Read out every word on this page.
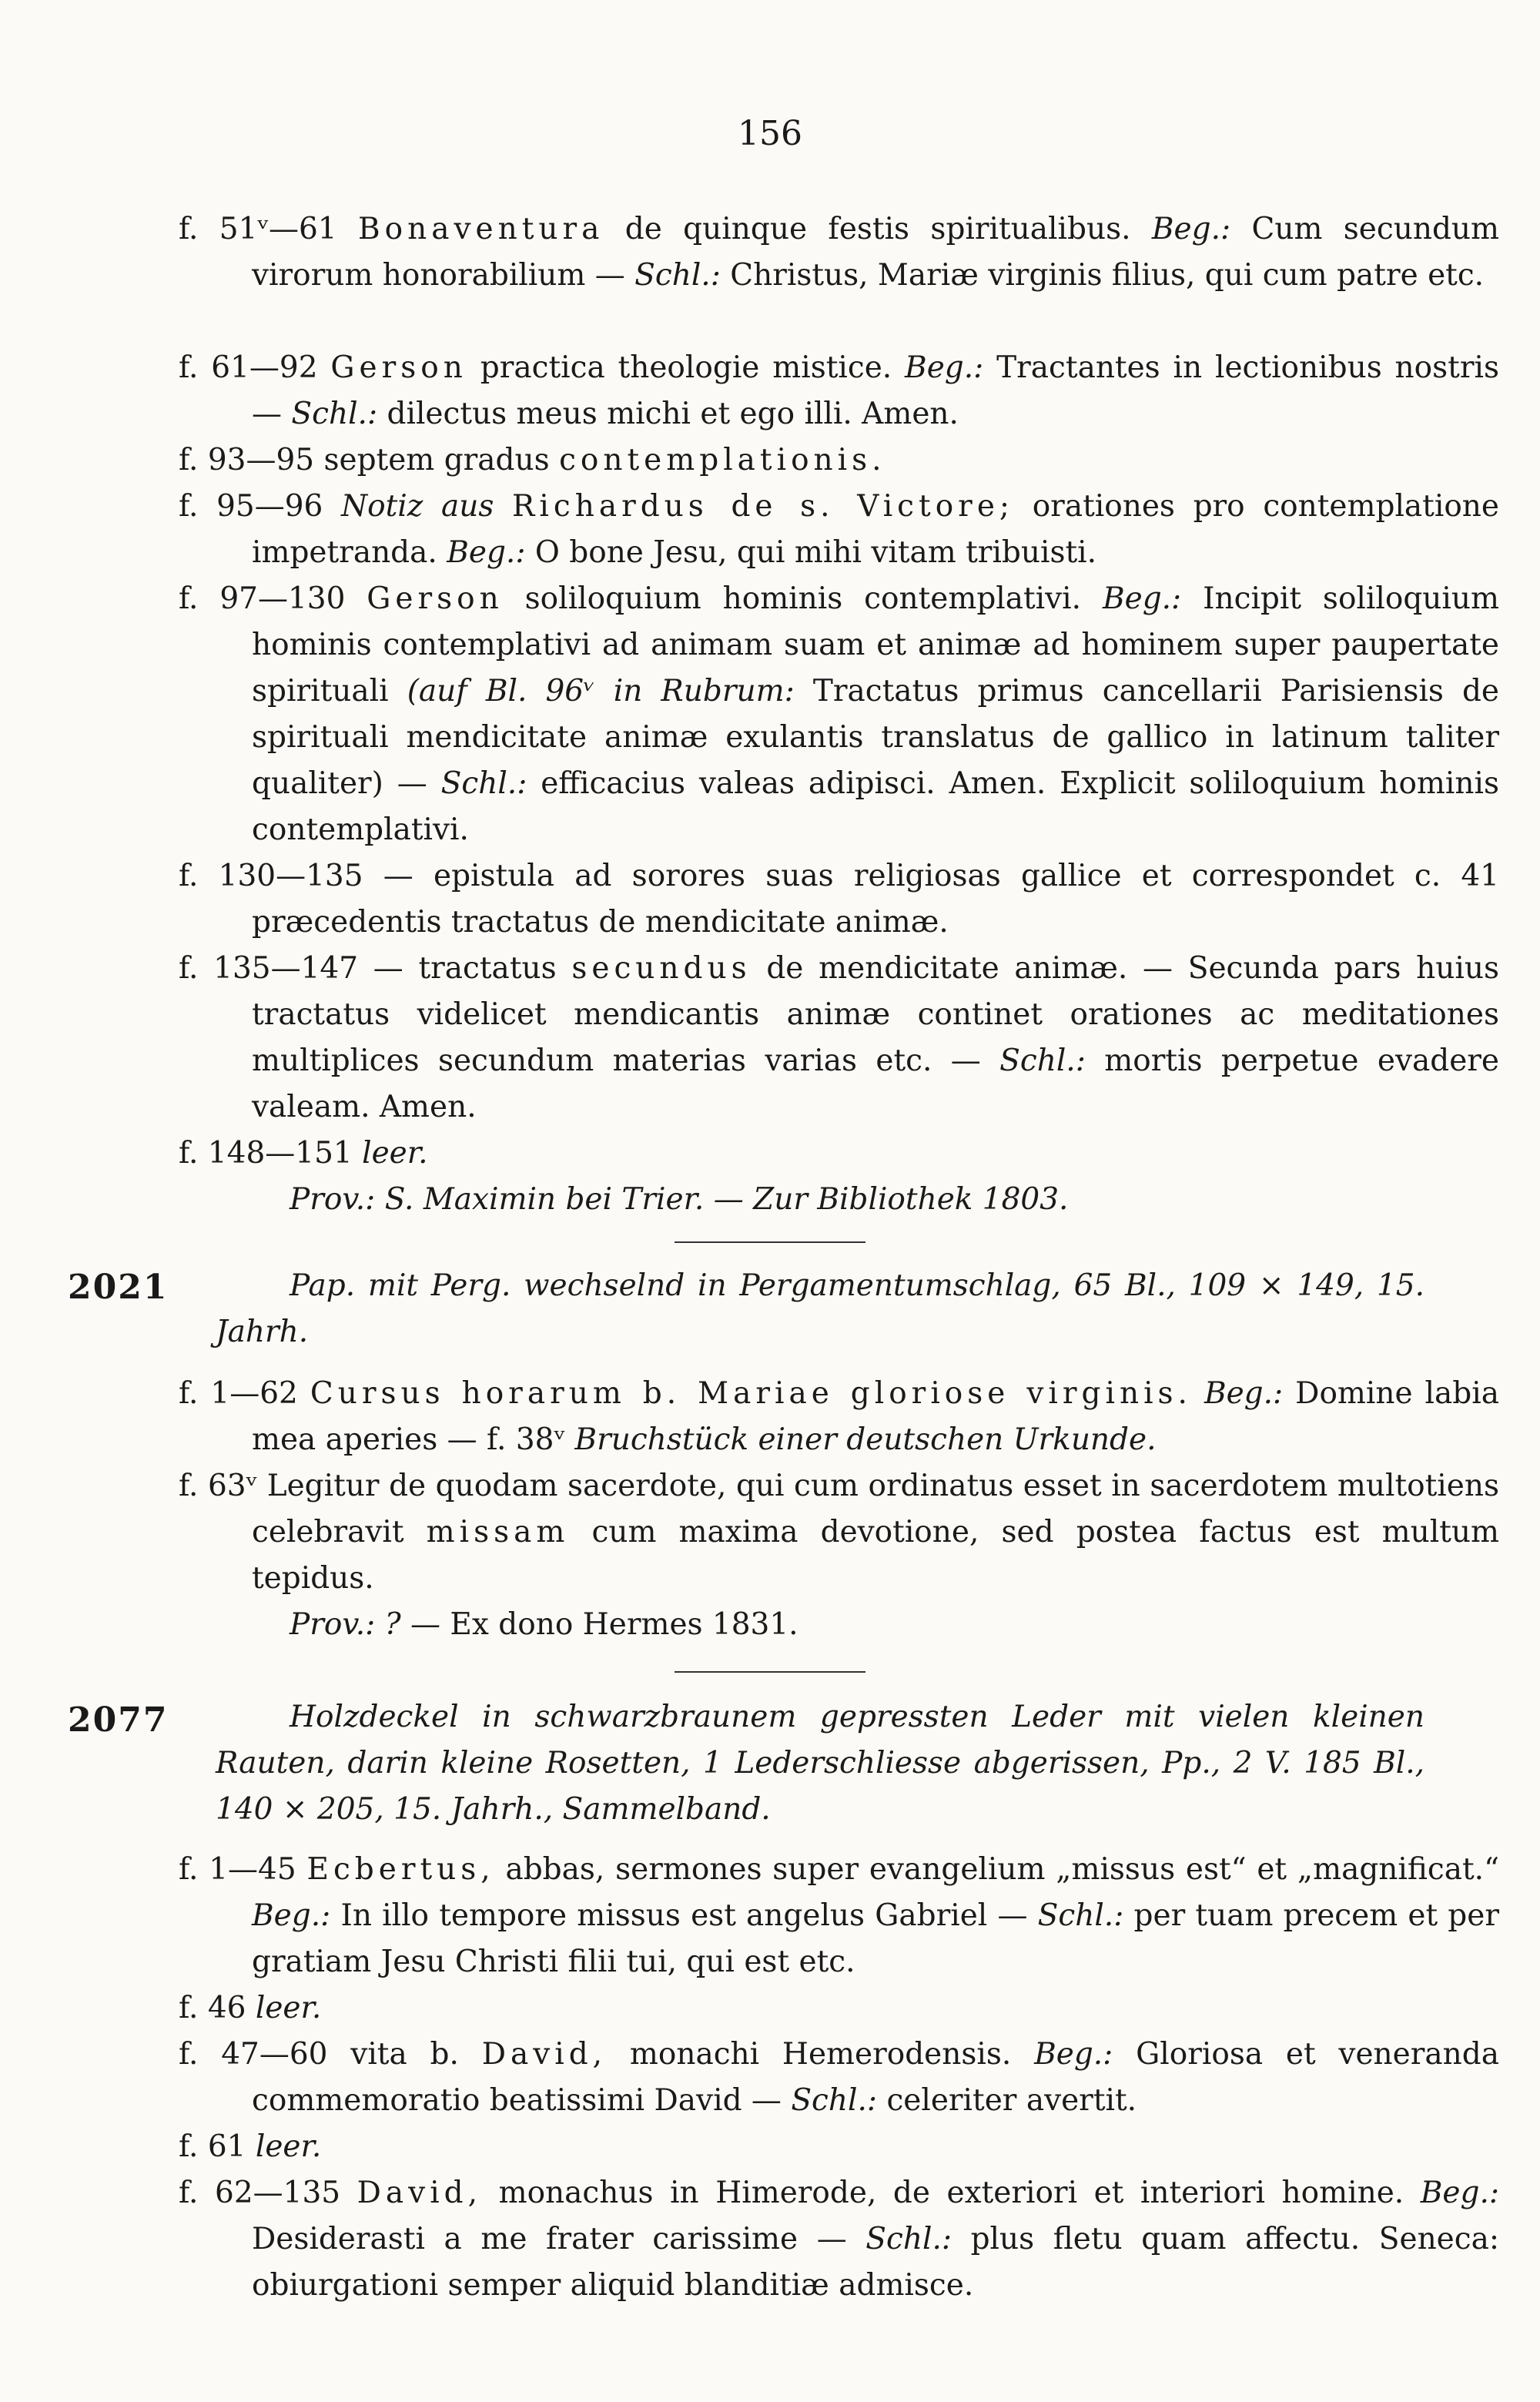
156
f. 51ᵛ—61 Bonaventura de quinque festis spiritualibus. Beg.: Cum secundum virorum honorabilium — Schl.: Christus, Mariæ virginis filius, qui cum patre etc.
f. 61—92 Gerson practica theologie mistice. Beg.: Tractantes in lectionibus nostris — Schl.: dilectus meus michi et ego illi. Amen.
f. 93—95 septem gradus contemplationis.
f. 95—96 Notiz aus Richardus de s. Victore; orationes pro contemplatione impetranda. Beg.: O bone Jesu, qui mihi vitam tribuisti.
f. 97—130 Gerson soliloquium hominis contemplativi. Beg.: Incipit soliloquium hominis contemplativi ad animam suam et animæ ad hominem super paupertate spirituali (auf Bl. 96ᵛ in Rubrum: Tractatus primus cancellarii Parisiensis de spirituali mendicitate animæ exulantis translatus de gallico in latinum taliter qualiter) — Schl.: efficacius valeas adipisci. Amen. Explicit soliloquium hominis contemplativi.
f. 130—135 — epistula ad sorores suas religiosas gallice et correspondet c. 41 præcedentis tractatus de mendicitate animæ.
f. 135—147 — tractatus secundus de mendicitate animæ. — Secunda pars huius tractatus videlicet mendicantis animæ continet orationes ac meditationes multiplices secundum materias varias etc. — Schl.: mortis perpetue evadere valeam. Amen.
f. 148—151 leer.
Prov.: S. Maximin bei Trier. — Zur Bibliothek 1803.
2021	Pap. mit Perg. wechselnd in Pergamentumschlag, 65 Bl., 109 × 149, 15. Jahrh.
f. 1—62 Cursus horarum b. Mariae gloriose virginis. Beg.: Domine labia mea aperies — f. 38ᵛ Bruchstück einer deutschen Urkunde.
f. 63ᵛ Legitur de quodam sacerdote, qui cum ordinatus esset in sacerdotem multotiens celebravit missam cum maxima devotione, sed postea factus est multum tepidus.
Prov.: ? — Ex dono Hermes 1831.
2077	Holzdeckel in schwarzbraunem gepressten Leder mit vielen kleinen Rauten, darin kleine Rosetten, 1 Lederschliesse abgerissen, Pp., 2 V. 185 Bl., 140 × 205, 15. Jahrh., Sammelband.
f. 1—45 Ecbertus, abbas, sermones super evangelium „missus est“ et „magnificat.“ Beg.: In illo tempore missus est angelus Gabriel — Schl.: per tuam precem et per gratiam Jesu Christi filii tui, qui est etc.
f. 46 leer.
f. 47—60 vita b. David, monachi Hemerodensis. Beg.: Gloriosa et veneranda commemoratio beatissimi David — Schl.: celeriter avertit.
f. 61 leer.
f. 62—135 David, monachus in Himerode, de exteriori et interiori homine. Beg.: Desiderasti a me frater carissime — Schl.: plus fletu quam affectu. Seneca: obiurgationi semper aliquid blanditiæ admisce.
